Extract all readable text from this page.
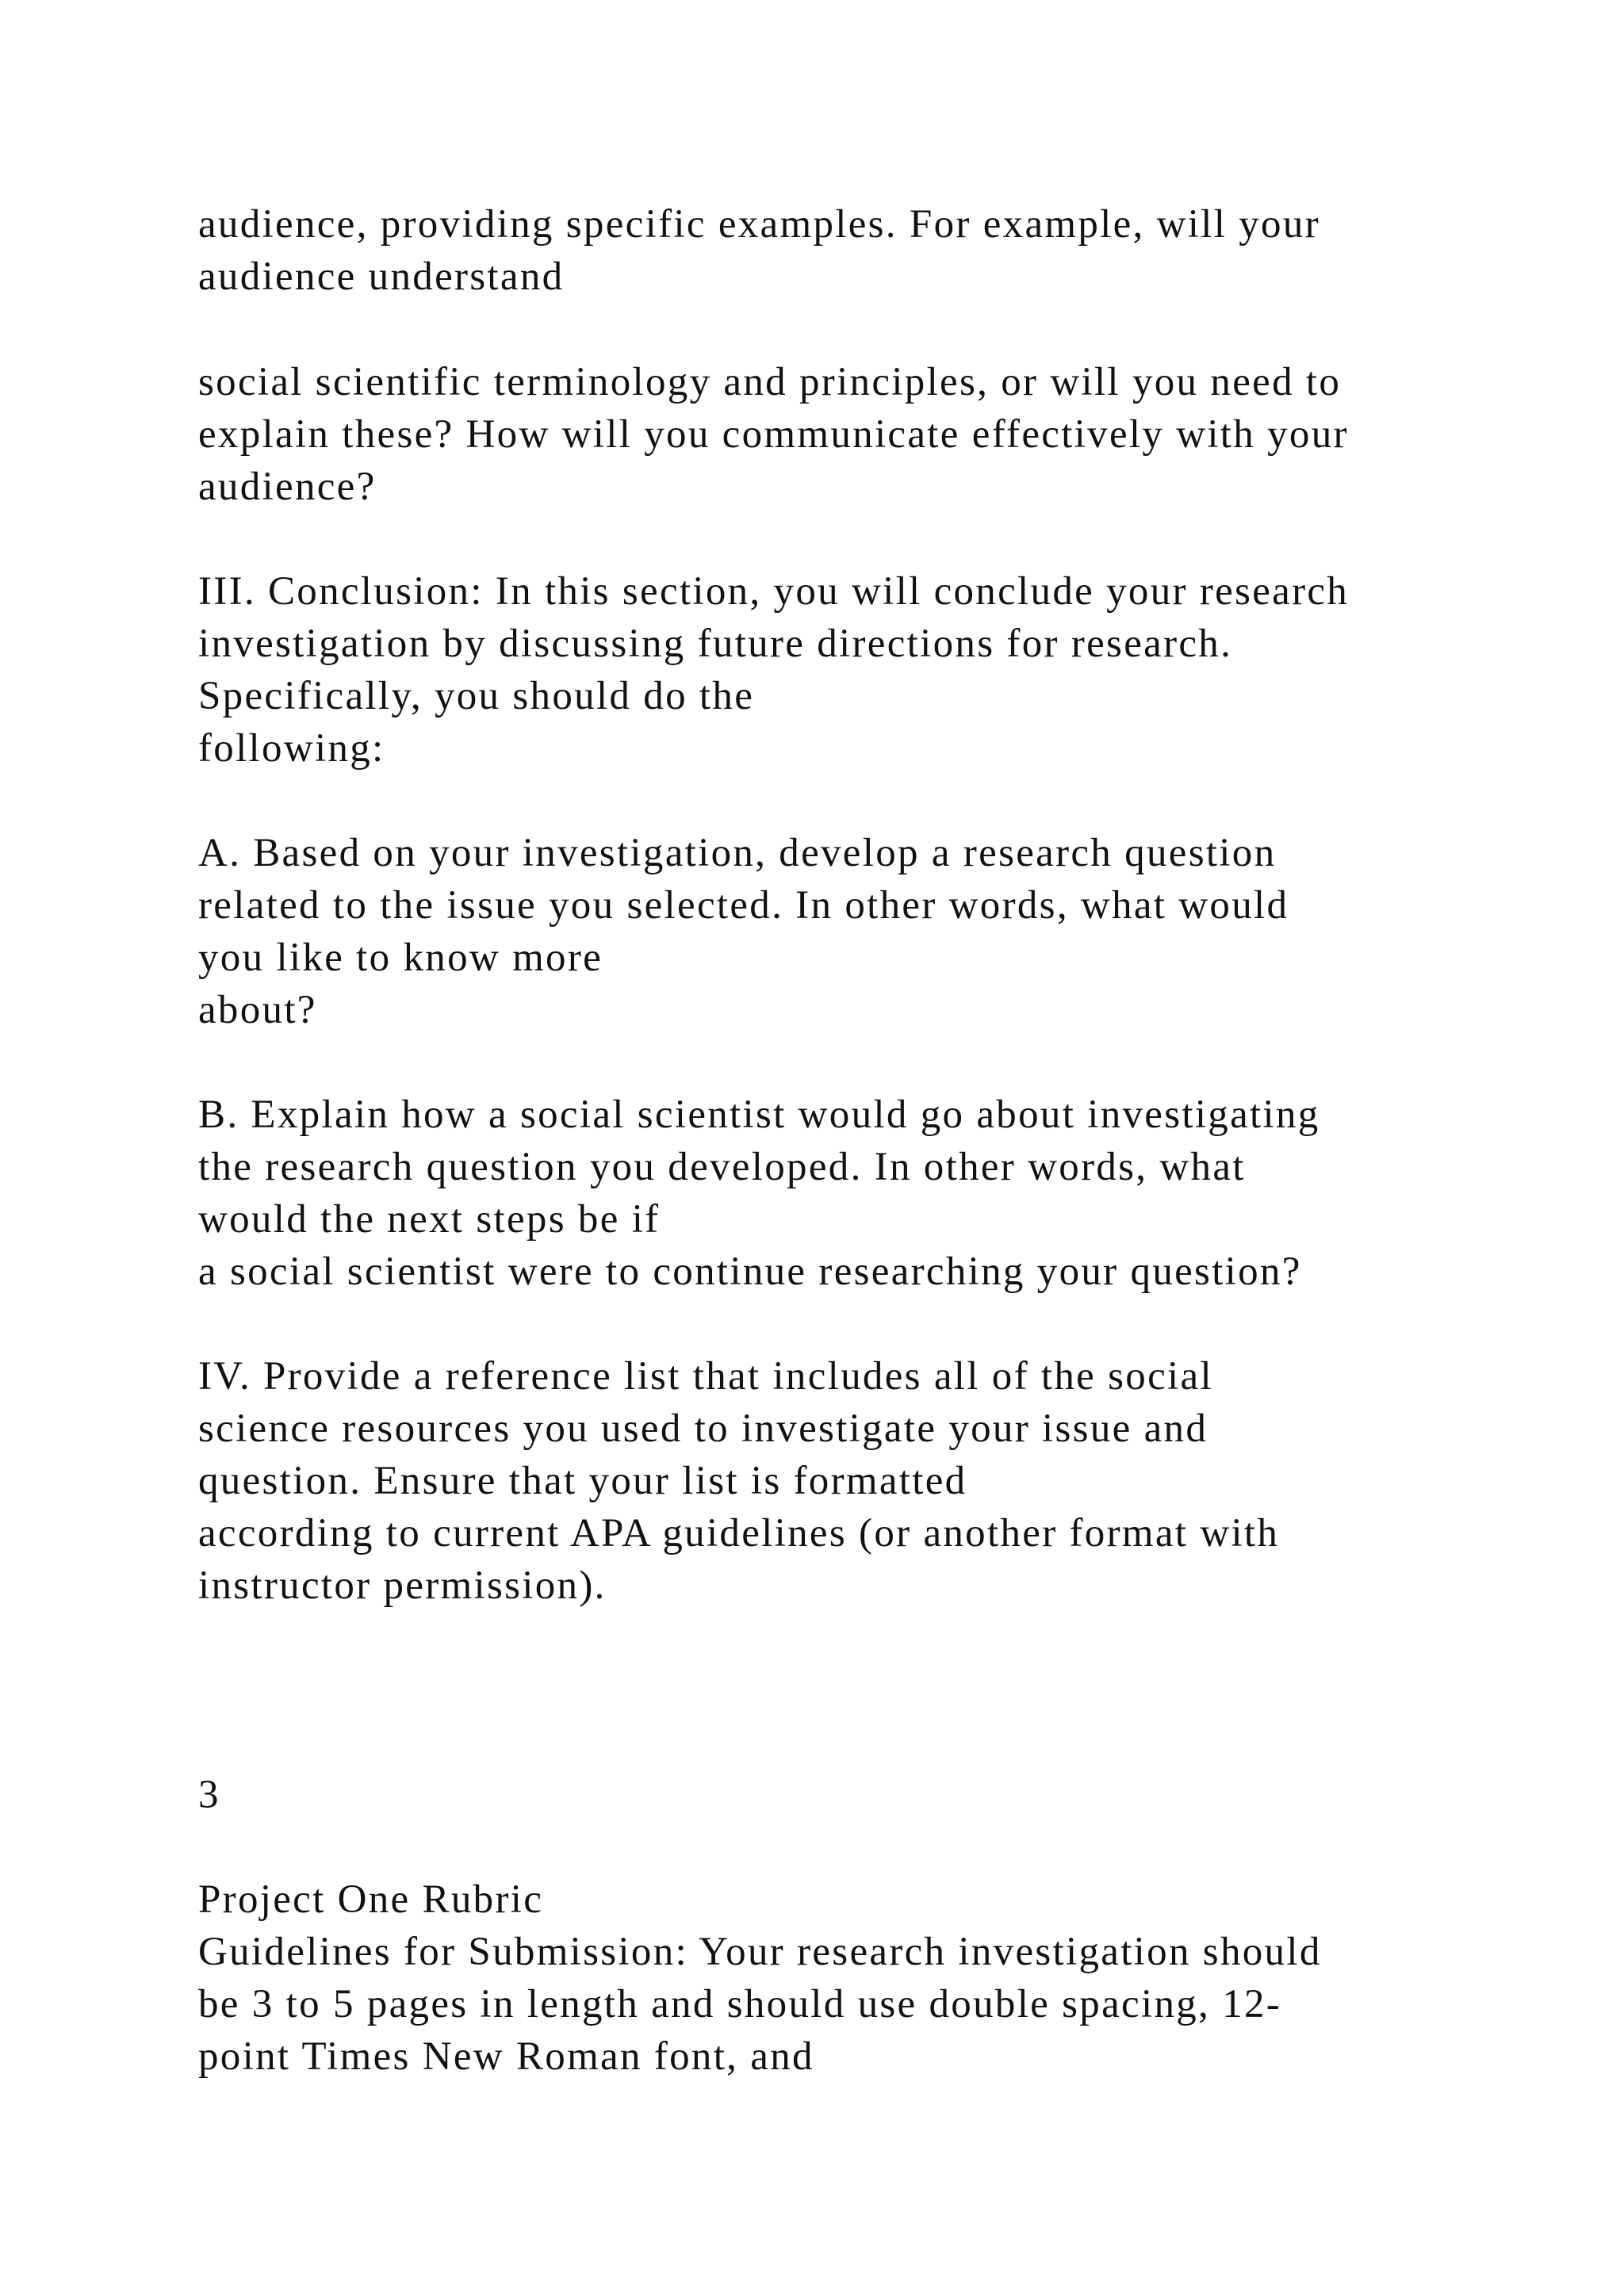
audience, providing specific examples. For example, will your

audience understand

social scientific terminology and principles, or will you need to

explain these? How will you communicate effectively with your

audience?

III. Conclusion: In this section, you will conclude your research

investigation by discussing future directions for research.

Specifically, you should do the

following:

A. Based on your investigation, develop a research question

related to the issue you selected. In other words, what would

you like to know more

about?

B. Explain how a social scientist would go about investigating

the research question you developed. In other words, what

would the next steps be if

a social scientist were to continue researching your question?

IV. Provide a reference list that includes all of the social

science resources you used to investigate your issue and

question. Ensure that your list is formatted

according to current APA guidelines (or another format with

instructor permission).

3

Project One Rubric

Guidelines for Submission: Your research investigation should

be 3 to 5 pages in length and should use double spacing, 12-

point Times New Roman font, and
